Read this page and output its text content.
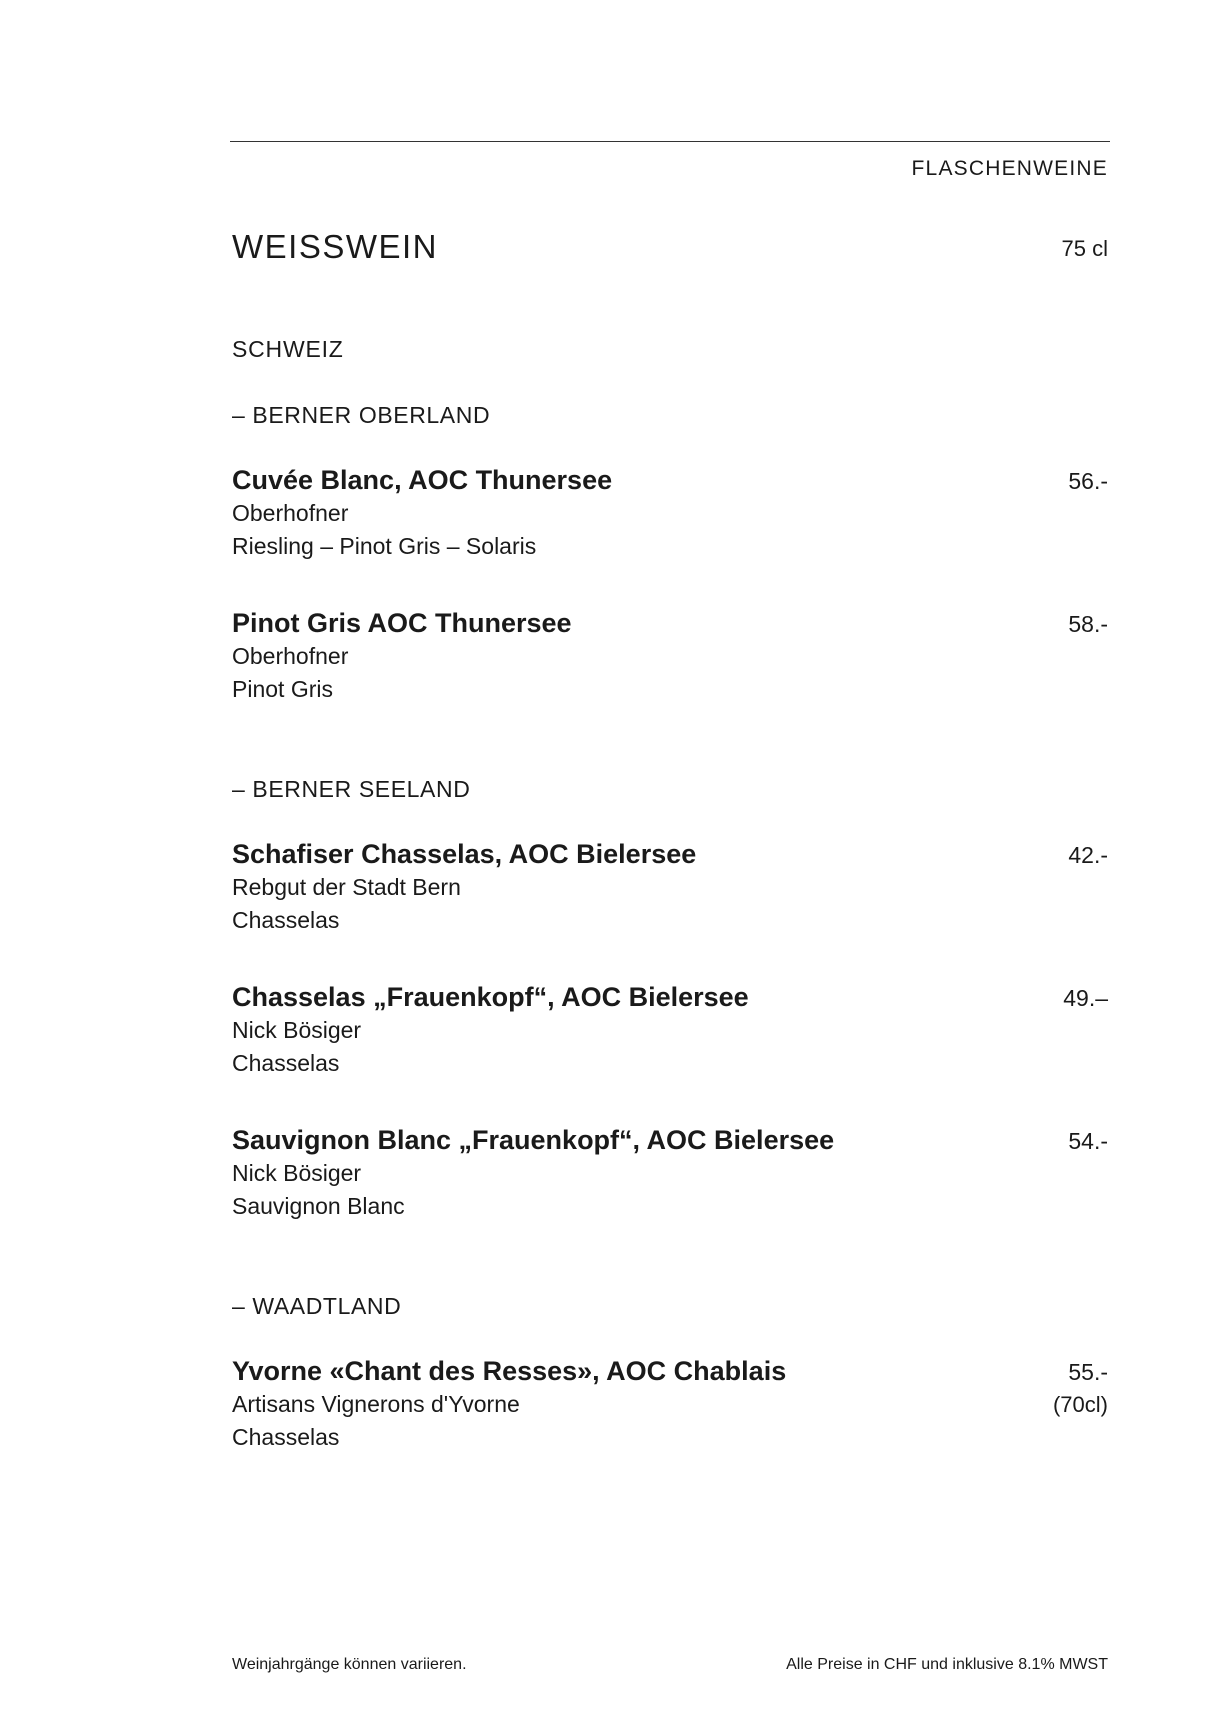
FLASCHENWEINE
WEISSWEIN	75 cl
SCHWEIZ
– BERNER OBERLAND
Cuvée Blanc, AOC Thunersee	56.-
Oberhofner
Riesling – Pinot Gris – Solaris
Pinot Gris AOC Thunersee	58.-
Oberhofner
Pinot Gris
– BERNER SEELAND
Schafiser Chasselas, AOC Bielersee	42.-
Rebgut der Stadt Bern
Chasselas
Chasselas „Frauenkopf“, AOC Bielersee	49.–
Nick Bösiger
Chasselas
Sauvignon Blanc „Frauenkopf“, AOC Bielersee	54.-
Nick Bösiger
Sauvignon Blanc
– WAADTLAND
Yvorne «Chant des Resses», AOC Chablais	55.-
(70cl)
Artisans Vignerons d'Yvorne
Chasselas
Weinjahrgänge können variieren.	Alle Preise in CHF und inklusive 8.1% MWST
